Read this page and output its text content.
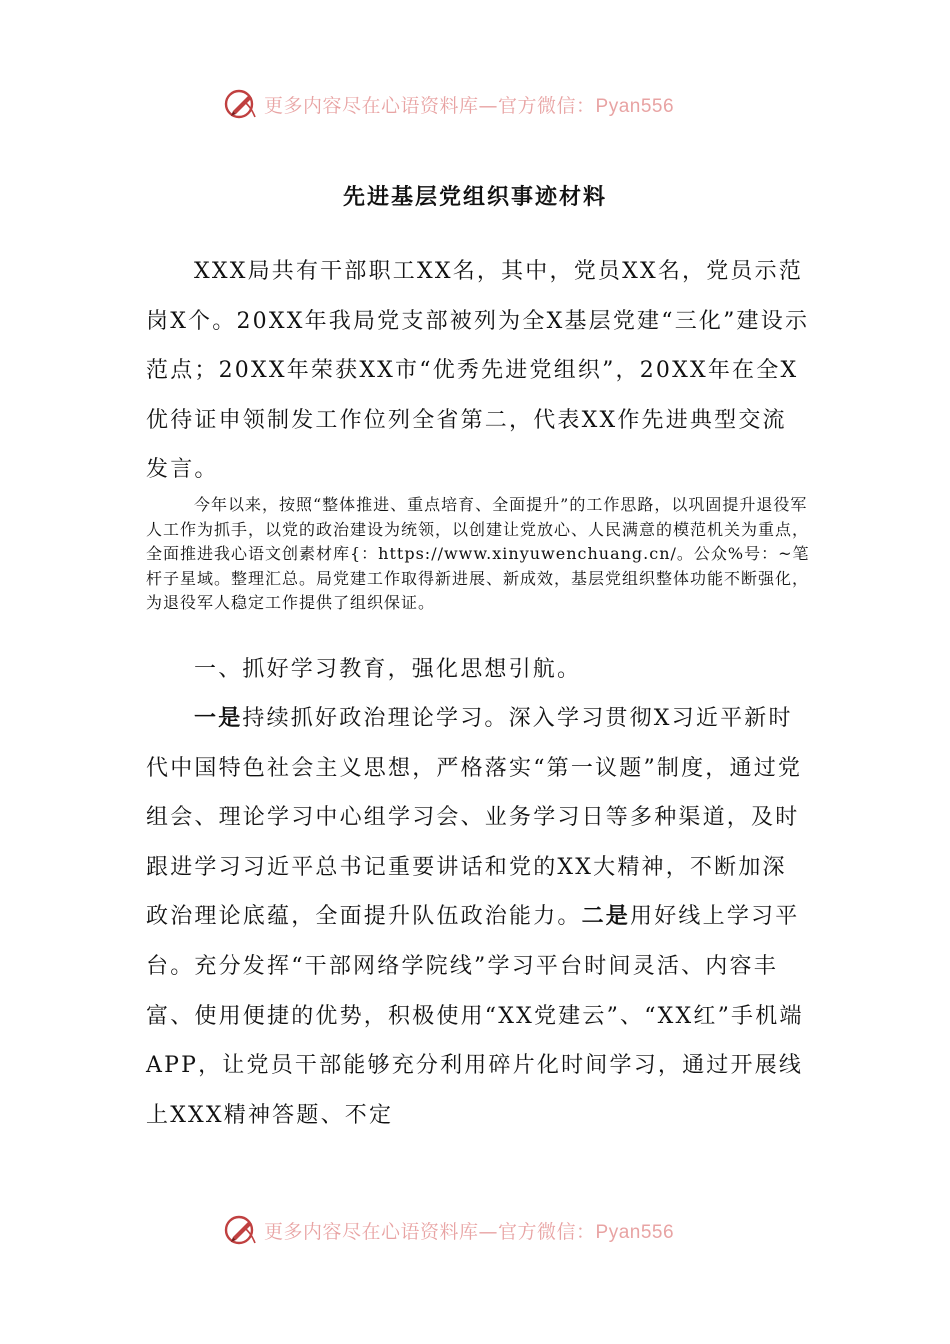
更多内容尽在心语资料库—官方微信：Pyan556
先进基层党组织事迹材料

XXX局共有干部职工XX名，其中，党员XX名，党员示范岗X个。20XX年我局党支部被列为全X基层党建“三化”建设示范点；20XX年荣获XX市“优秀先进党组织”，20XX年在全X优待证申领制发工作位列全省第二，代表XX作先进典型交流发言。

今年以来，按照“整体推进、重点培育、全面提升”的工作思路，以巩固提升退役军人工作为抓手，以党的政治建设为统领，以创建让党放心、人民满意的模范机关为重点，全面推进我心语文创素材库{：https://www.xinyuwenchuang.cn/。公众%号：~笔杆子星域。整理汇总。局党建工作取得新进展、新成效，基层党组织整体功能不断强化，为退役军人稳定工作提供了组织保证。

一、抓好学习教育，强化思想引航。

一是持续抓好政治理论学习。深入学习贯彻X习近平新时代中国特色社会主义思想，严格落实“第一议题”制度，通过党组会、理论学习中心组学习会、业务学习日等多种渠道，及时跟进学习习近平总书记重要讲话和党的XX大精神，不断加深政治理论底蕴，全面提升队伍政治能力。二是用好线上学习平台。充分发挥“干部网络学院线”学习平台时间灵活、内容丰富、使用便捷的优势，积极使用“XX党建云”、“XX红”手机端APP，让党员干部能够充分利用碎片化时间学习，通过开展线上XXX精神答题、不定

更多内容尽在心语资料库—官方微信：Pyan556
